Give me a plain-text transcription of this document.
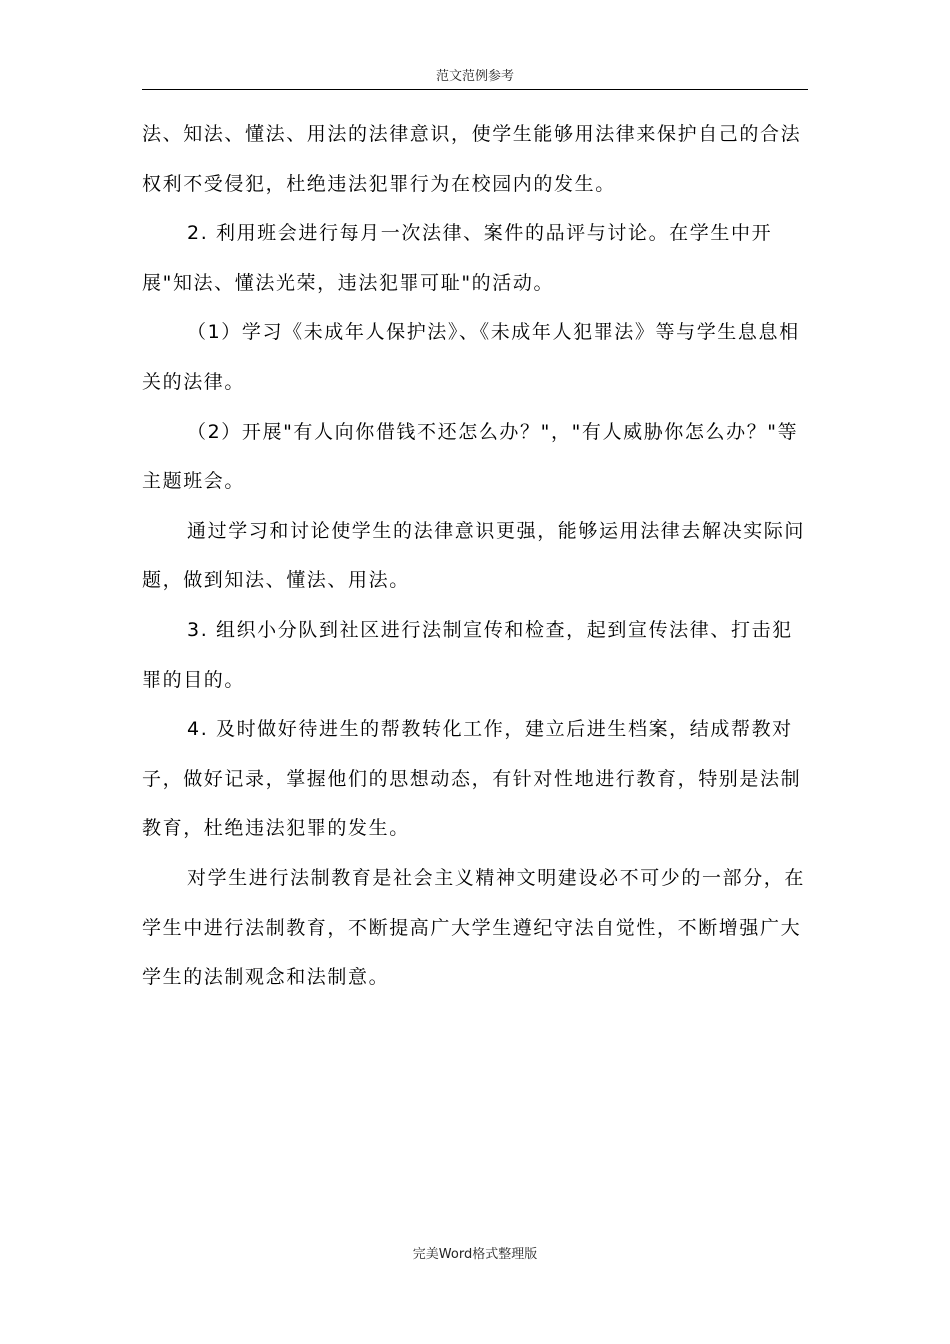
范文范例参考

法、知法、懂法、用法的法律意识，使学生能够用法律来保护自己的合法权利不受侵犯，杜绝违法犯罪行为在校园内的发生。

2. 利用班会进行每月一次法律、案件的品评与讨论。在学生中开展"知法、懂法光荣，违法犯罪可耻"的活动。

（1）学习《未成年人保护法》、《未成年人犯罪法》等与学生息息相关的法律。

（2）开展"有人向你借钱不还怎么办？"，"有人威胁你怎么办？"等主题班会。

通过学习和讨论使学生的法律意识更强，能够运用法律去解决实际问题，做到知法、懂法、用法。

3. 组织小分队到社区进行法制宣传和检查，起到宣传法律、打击犯罪的目的。

4. 及时做好待进生的帮教转化工作，建立后进生档案，结成帮教对子，做好记录，掌握他们的思想动态，有针对性地进行教育，特别是法制教育，杜绝违法犯罪的发生。

对学生进行法制教育是社会主义精神文明建设必不可少的一部分，在学生中进行法制教育，不断提高广大学生遵纪守法自觉性，不断增强广大学生的法制观念和法制意。

完美Word格式整理版
